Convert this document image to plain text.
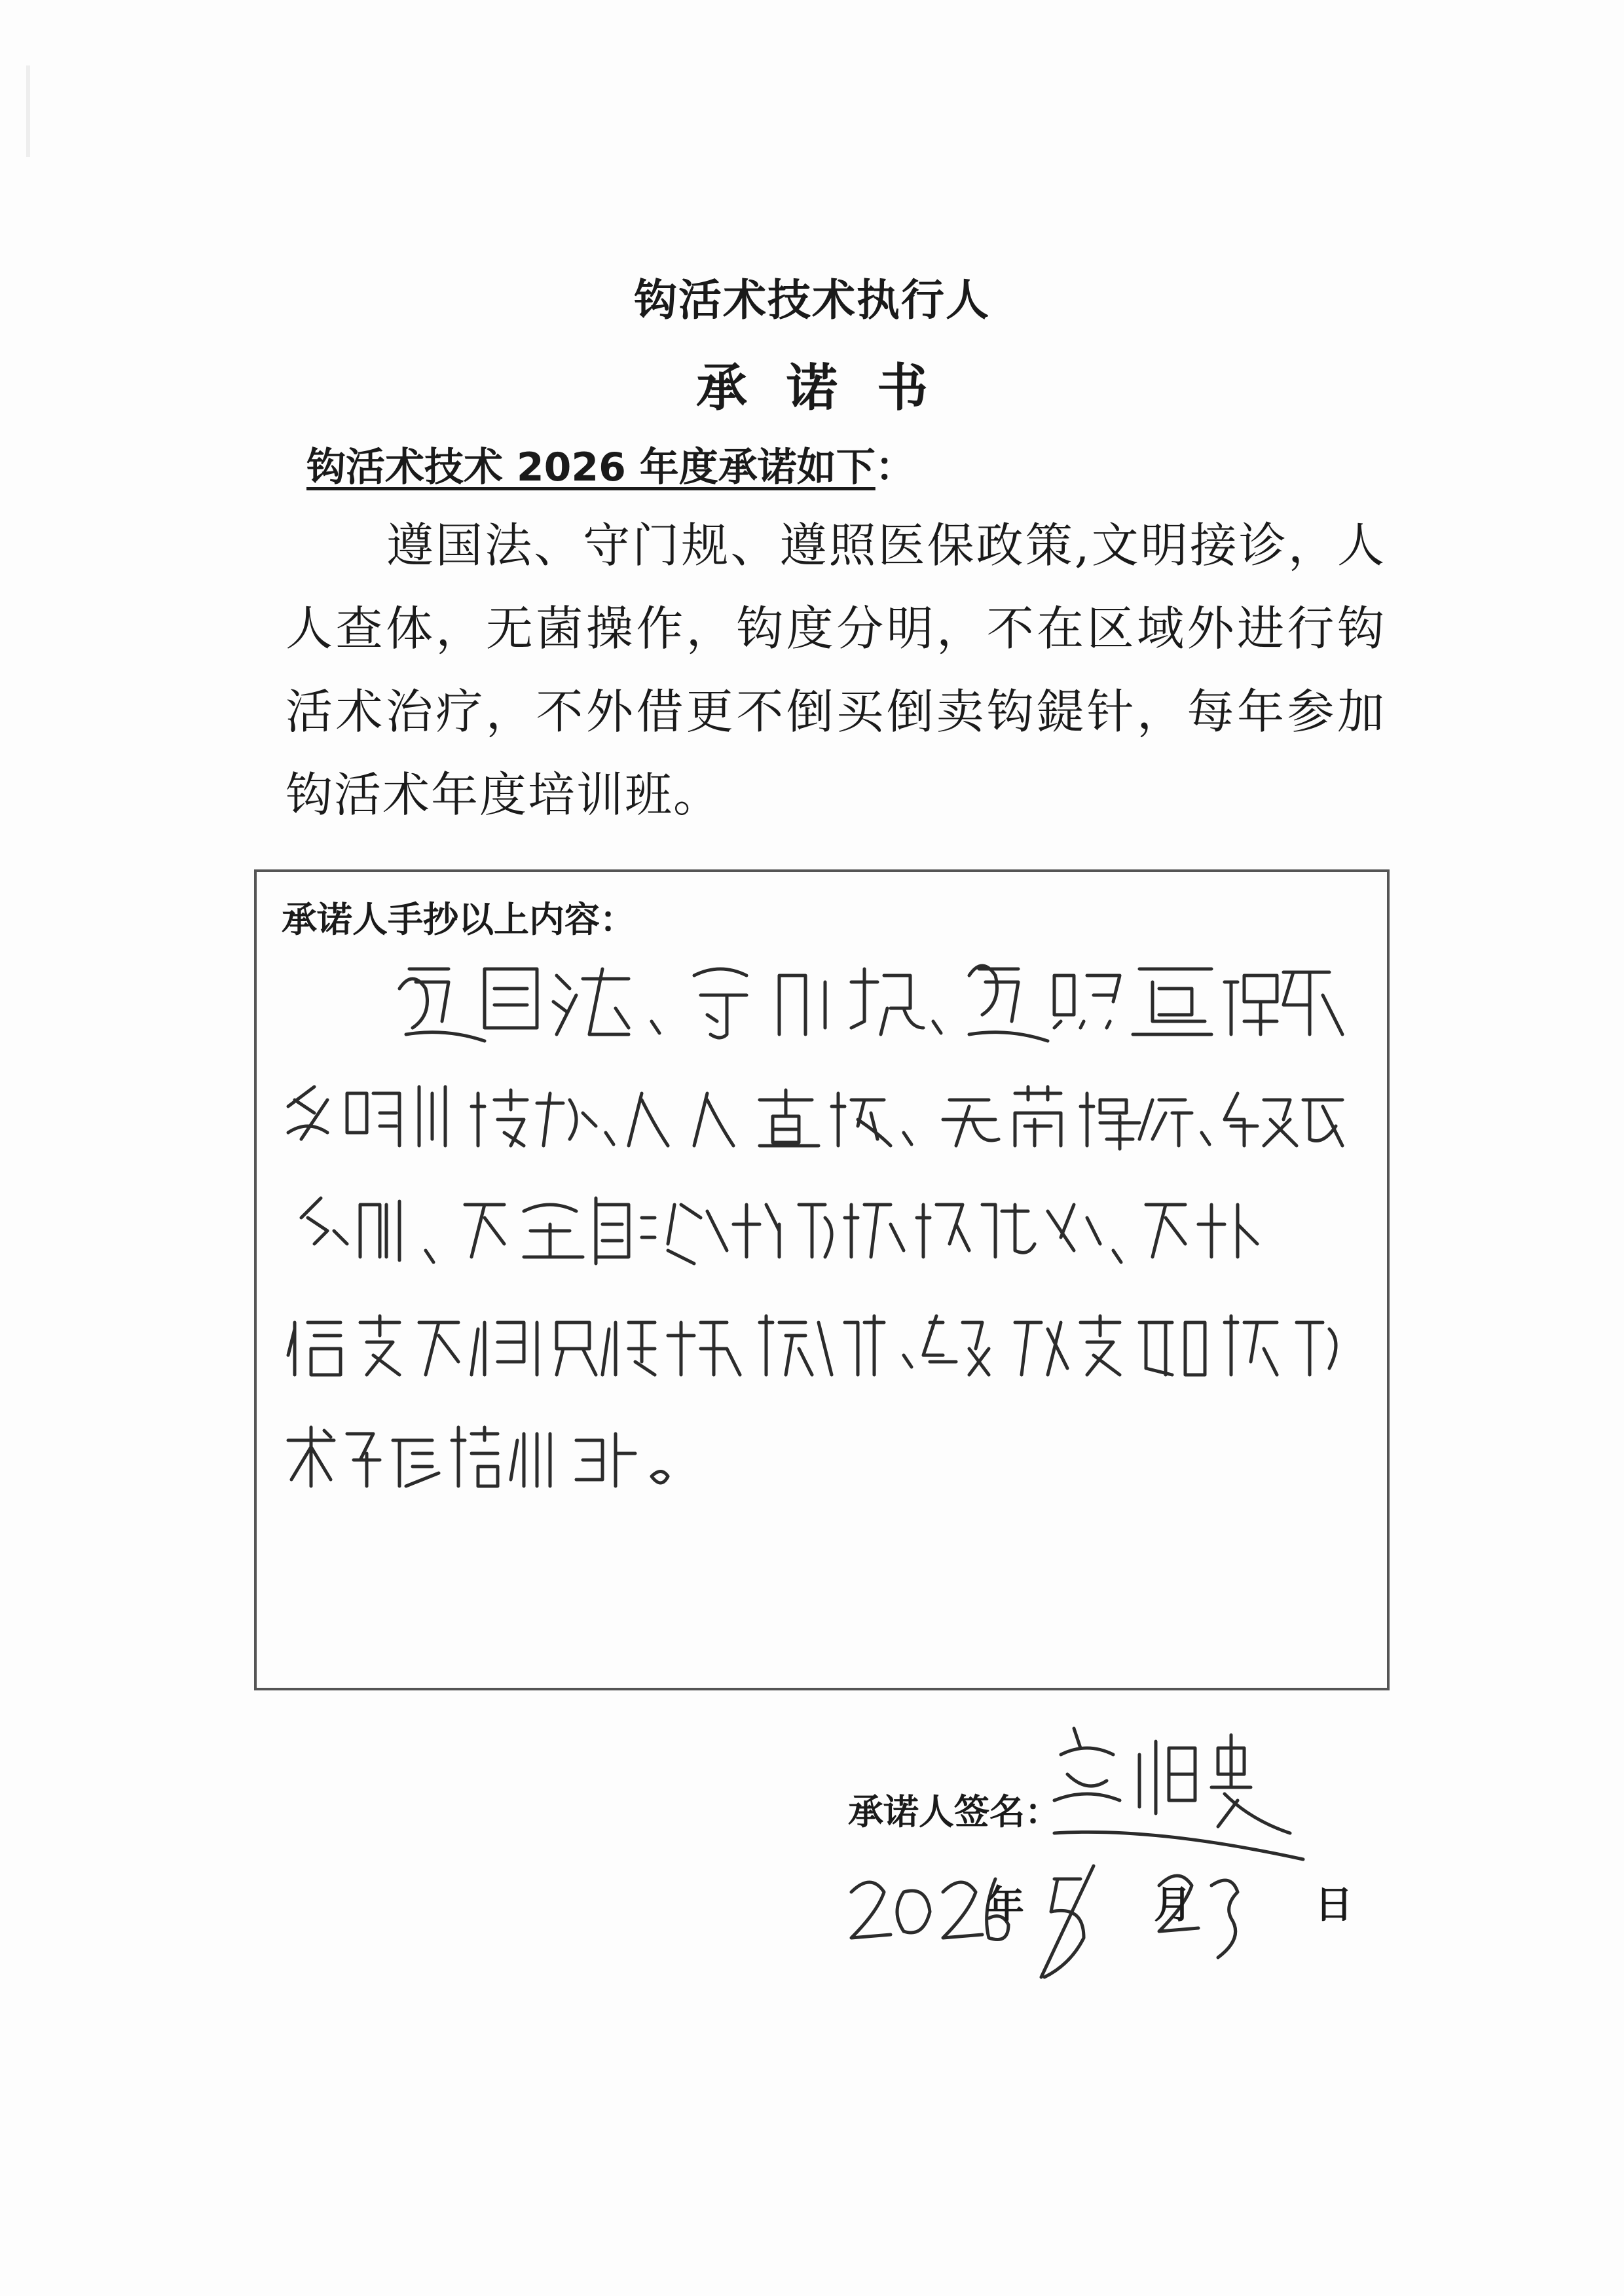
钩活术技术执行人
承诺书
钩活术技术 2026 年度承诺如下：
遵国法、守门规、遵照医保政策,文明接诊，人人查体，无菌操作，钩度分明，不在区域外进行钩活术治疗，不外借更不倒买倒卖钩鍉针，每年参加钩活术年度培训班。
承诺人手抄以上内容：
承诺人签名：
年	月	日
